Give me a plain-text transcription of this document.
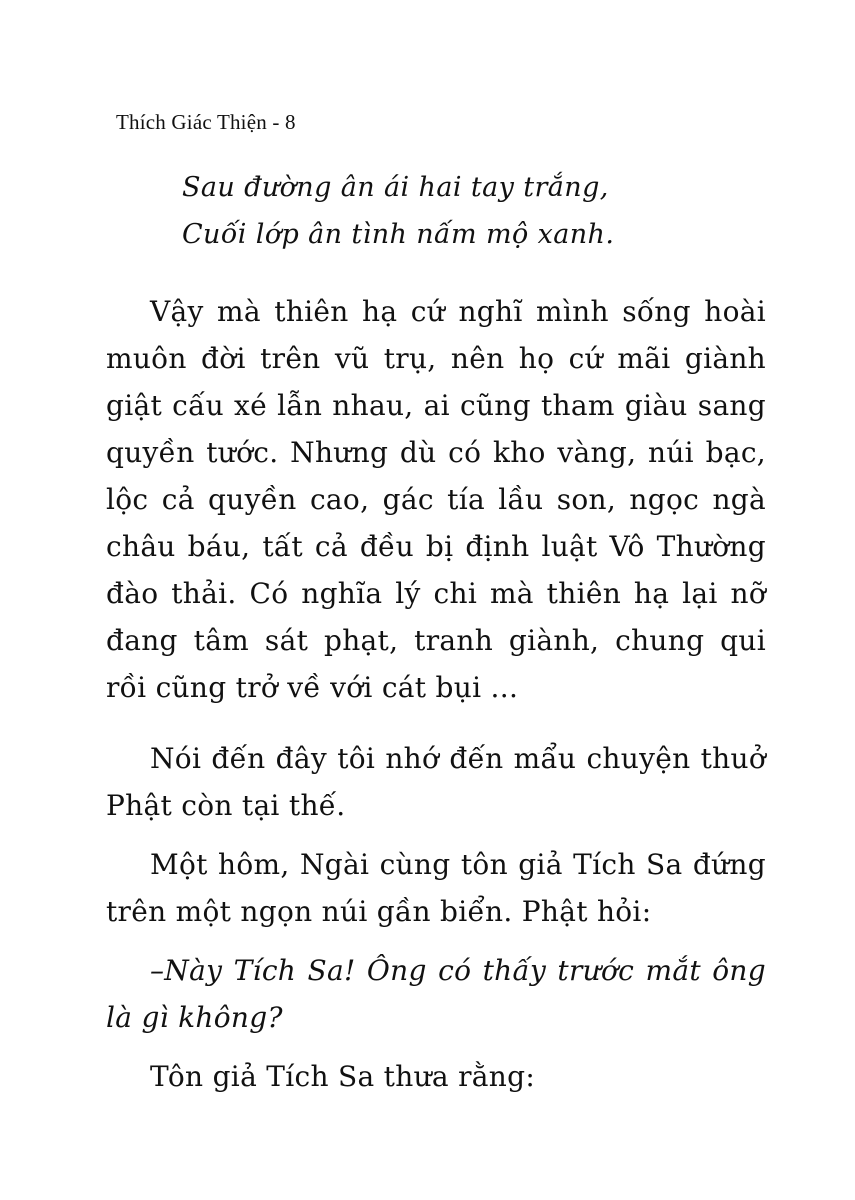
Thích Giác Thiện - 8
Sau đường ân ái hai tay trắng,
Cuối lớp ân tình nấm mộ xanh.

Vậy mà thiên hạ cứ nghĩ mình sống hoài muôn đời trên vũ trụ, nên họ cứ mãi giành giật cấu xé lẫn nhau, ai cũng tham giàu sang quyền tước. Nhưng dù có kho vàng, núi bạc, lộc cả quyền cao, gác tía lầu son, ngọc ngà châu báu, tất cả đều bị định luật Vô Thường đào thải. Có nghĩa lý chi mà thiên hạ lại nỡ đang tâm sát phạt, tranh giành, chung qui rồi cũng trở về với cát bụi ...

Nói đến đây tôi nhớ đến mẩu chuyện thuở Phật còn tại thế.

Một hôm, Ngài cùng tôn giả Tích Sa đứng trên một ngọn núi gần biển. Phật hỏi:

–Này Tích Sa! Ông có thấy trước mắt ông là gì không?

Tôn giả Tích Sa thưa rằng:
